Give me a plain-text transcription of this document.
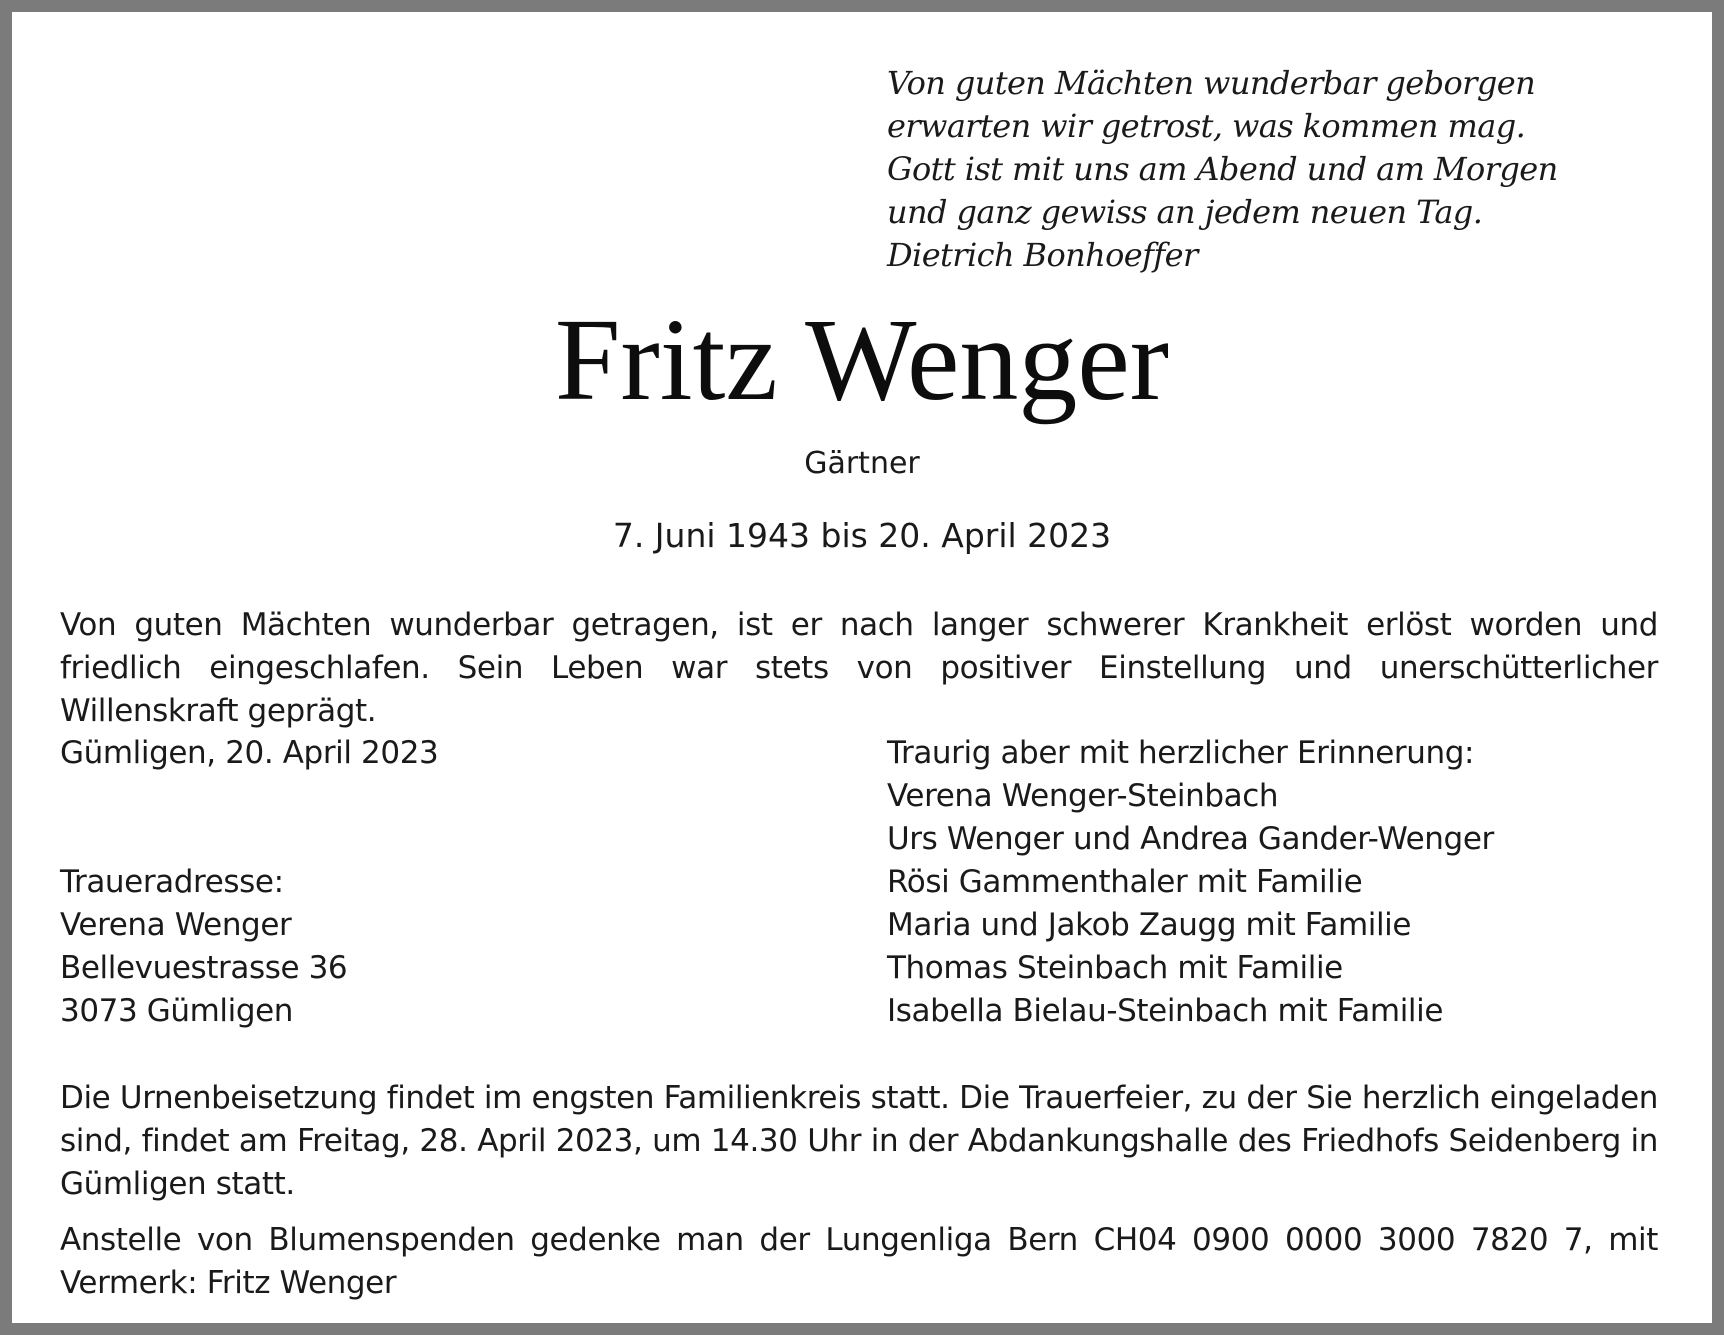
Von guten Mächten wunderbar geborgen
erwarten wir getrost, was kommen mag.
Gott ist mit uns am Abend und am Morgen
und ganz gewiss an jedem neuen Tag.
Dietrich Bonhoeffer
Fritz Wenger
Gärtner
7. Juni 1943 bis 20. April 2023
Von guten Mächten wunderbar getragen, ist er nach langer schwerer Krankheit erlöst worden und friedlich eingeschlafen. Sein Leben war stets von positiver Einstellung und unerschütterlicher Willenskraft geprägt.
Gümligen, 20. April 2023
Traueradresse:
Verena Wenger
Bellevuestrasse 36
3073 Gümligen
Traurig aber mit herzlicher Erinnerung:
Verena Wenger-Steinbach
Urs Wenger und Andrea Gander-Wenger
Rösi Gammenthaler mit Familie
Maria und Jakob Zaugg mit Familie
Thomas Steinbach mit Familie
Isabella Bielau-Steinbach mit Familie
Die Urnenbeisetzung findet im engsten Familienkreis statt. Die Trauerfeier, zu der Sie herzlich eingeladen sind, findet am Freitag, 28. April 2023, um 14.30 Uhr in der Abdankungshalle des Friedhofs Seidenberg in Gümligen statt.
Anstelle von Blumenspenden gedenke man der Lungenliga Bern CH04 0900 0000 3000 7820 7, mit Vermerk: Fritz Wenger
